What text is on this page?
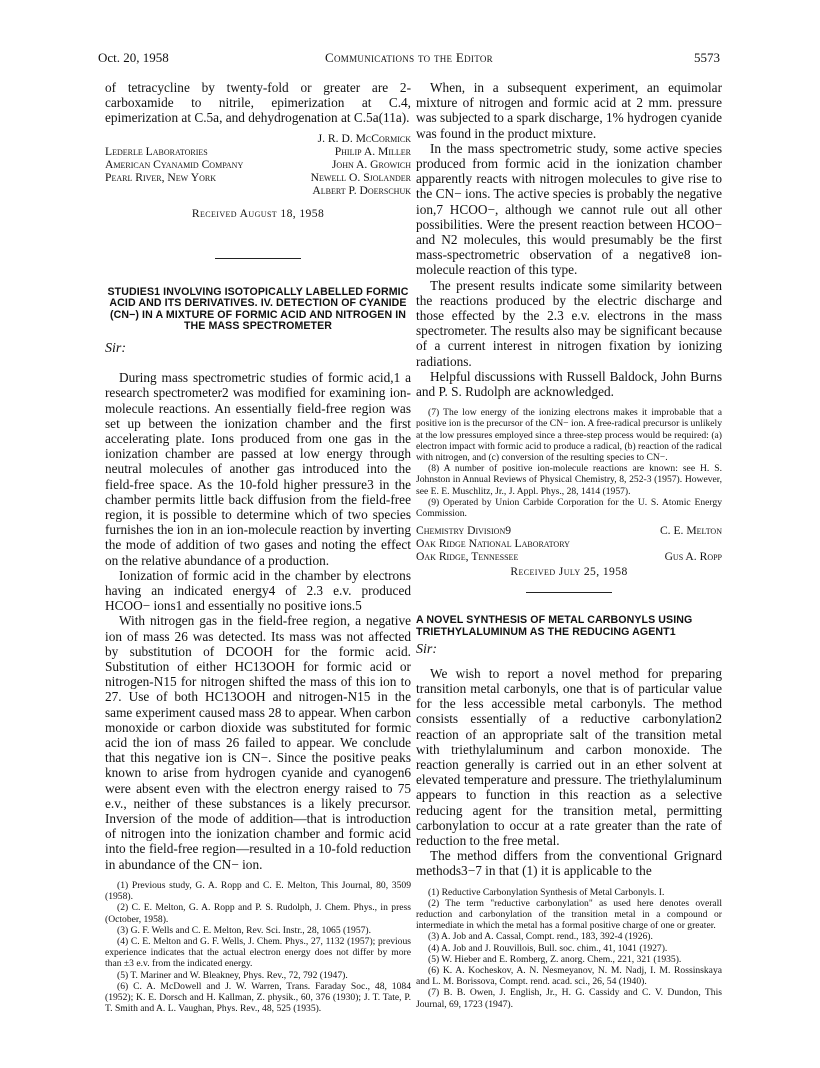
Oct. 20, 1958	Communications to the Editor	5573

of tetracycline by twenty-fold or greater are 2-carboxamide to nitrile, epimerization at C.4, epimerization at C.5a, and dehydrogenation at C.5a(11a).

J. R. D. McCormick
Lederle Laboratories	Philip A. Miller
American Cyanamid Company	John A. Growich
Pearl River, New York	Newell O. Sjolander
Albert P. Doerschuk
Received August 18, 1958
STUDIES1 INVOLVING ISOTOPICALLY LABELLED FORMIC ACID AND ITS DERIVATIVES. IV. DETECTION OF CYANIDE (CN−) IN A MIXTURE OF FORMIC ACID AND NITROGEN IN THE MASS SPECTROMETER

Sir:

During mass spectrometric studies of formic acid,1 a research spectrometer2 was modified for examining ion-molecule reactions. An essentially field-free region was set up between the ionization chamber and the first accelerating plate. Ions produced from one gas in the ionization chamber are passed at low energy through neutral molecules of another gas introduced into the field-free space. As the 10-fold higher pressure3 in the chamber permits little back diffusion from the field-free region, it is possible to determine which of two species furnishes the ion in an ion-molecule reaction by inverting the mode of addition of two gases and noting the effect on the relative abundance of a production.

Ionization of formic acid in the chamber by electrons having an indicated energy4 of 2.3 e.v. produced HCOO− ions1 and essentially no positive ions.5

With nitrogen gas in the field-free region, a negative ion of mass 26 was detected. Its mass was not affected by substitution of DCOOH for the formic acid. Substitution of either HC13OOH for formic acid or nitrogen-N15 for nitrogen shifted the mass of this ion to 27. Use of both HC13OOH and nitrogen-N15 in the same experiment caused mass 28 to appear. When carbon monoxide or carbon dioxide was substituted for formic acid the ion of mass 26 failed to appear. We conclude that this negative ion is CN−. Since the positive peaks known to arise from hydrogen cyanide and cyanogen6 were absent even with the electron energy raised to 75 e.v., neither of these substances is a likely precursor. Inversion of the mode of addition—that is introduction of nitrogen into the ionization chamber and formic acid into the field-free region—resulted in a 10-fold reduction in abundance of the CN− ion.

(1) Previous study, G. A. Ropp and C. E. Melton, This Journal, 80, 3509 (1958).

(2) C. E. Melton, G. A. Ropp and P. S. Rudolph, J. Chem. Phys., in press (October, 1958).

(3) G. F. Wells and C. E. Melton, Rev. Sci. Instr., 28, 1065 (1957).

(4) C. E. Melton and G. F. Wells, J. Chem. Phys., 27, 1132 (1957); previous experience indicates that the actual electron energy does not differ by more than ±3 e.v. from the indicated energy.

(5) T. Mariner and W. Bleakney, Phys. Rev., 72, 792 (1947).

(6) C. A. McDowell and J. W. Warren, Trans. Faraday Soc., 48, 1084 (1952); K. E. Dorsch and H. Kallman, Z. physik., 60, 376 (1930); J. T. Tate, P. T. Smith and A. L. Vaughan, Phys. Rev., 48, 525 (1935).

When, in a subsequent experiment, an equimolar mixture of nitrogen and formic acid at 2 mm. pressure was subjected to a spark discharge, 1% hydrogen cyanide was found in the product mixture.

In the mass spectrometric study, some active species produced from formic acid in the ionization chamber apparently reacts with nitrogen molecules to give rise to the CN− ions. The active species is probably the negative ion,7 HCOO−, although we cannot rule out all other possibilities. Were the present reaction between HCOO− and N2 molecules, this would presumably be the first mass-spectrometric observation of a negative8 ion-molecule reaction of this type.

The present results indicate some similarity between the reactions produced by the electric discharge and those effected by the 2.3 e.v. electrons in the mass spectrometer. The results also may be significant because of a current interest in nitrogen fixation by ionizing radiations.

Helpful discussions with Russell Baldock, John Burns and P. S. Rudolph are acknowledged.

(7) The low energy of the ionizing electrons makes it improbable that a positive ion is the precursor of the CN− ion. A free-radical precursor is unlikely at the low pressures employed since a three-step process would be required: (a) electron impact with formic acid to produce a radical, (b) reaction of the radical with nitrogen, and (c) conversion of the resulting species to CN−.

(8) A number of positive ion-molecule reactions are known: see H. S. Johnston in Annual Reviews of Physical Chemistry, 8, 252-3 (1957). However, see E. E. Muschlitz, Jr., J. Appl. Phys., 28, 1414 (1957).

(9) Operated by Union Carbide Corporation for the U. S. Atomic Energy Commission.

Chemistry Division9	C. E. Melton
Oak Ridge National Laboratory
Oak Ridge, Tennessee	Gus A. Ropp
Received July 25, 1958
A NOVEL SYNTHESIS OF METAL CARBONYLS USING TRIETHYLALUMINUM AS THE REDUCING AGENT1

Sir:

We wish to report a novel method for preparing transition metal carbonyls, one that is of particular value for the less accessible metal carbonyls. The method consists essentially of a reductive carbonylation2 reaction of an appropriate salt of the transition metal with triethylaluminum and carbon monoxide. The reaction generally is carried out in an ether solvent at elevated temperature and pressure. The triethylaluminum appears to function in this reaction as a selective reducing agent for the transition metal, permitting carbonylation to occur at a rate greater than the rate of reduction to the free metal.

The method differs from the conventional Grignard methods3−7 in that (1) it is applicable to the

(1) Reductive Carbonylation Synthesis of Metal Carbonyls. I.

(2) The term "reductive carbonylation" as used here denotes overall reduction and carbonylation of the transition metal in a compound or intermediate in which the metal has a formal positive charge of one or greater.

(3) A. Job and A. Cassal, Compt. rend., 183, 392-4 (1926).

(4) A. Job and J. Rouvillois, Bull. soc. chim., 41, 1041 (1927).

(5) W. Hieber and E. Romberg, Z. anorg. Chem., 221, 321 (1935).

(6) K. A. Kocheskov, A. N. Nesmeyanov, N. M. Nadj, I. M. Rossinskaya and L. M. Borissova, Compt. rend. acad. sci., 26, 54 (1940).

(7) B. B. Owen, J. English, Jr., H. G. Cassidy and C. V. Dundon, This Journal, 69, 1723 (1947).
